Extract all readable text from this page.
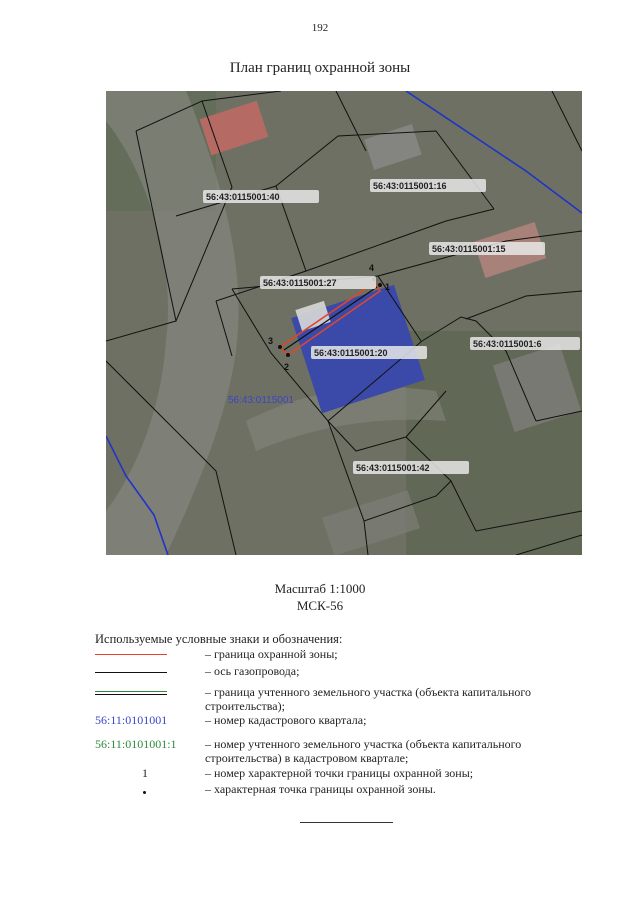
192
План границ охранной зоны
1
2
3
4
56:43:0115001:40
56:43:0115001:16
56:43:0115001:15
56:43:0115001:27
56:43:0115001:20
56:43:0115001:6
56:43:0115001:42
56:43:0115001
Масштаб 1:1000
МСК-56
Используемые условные знаки и обозначения:
– граница охранной зоны;
– ось газопровода;
– граница учтенного земельного участка (объекта капитального строительства);
56:11:0101001	– номер кадастрового квартала;
56:11:0101001:1	– номер учтенного земельного участка (объекта капитального строительства) в кадастровом квартале;
1	– номер характерной точки границы охранной зоны;
– характерная точка границы охранной зоны.
